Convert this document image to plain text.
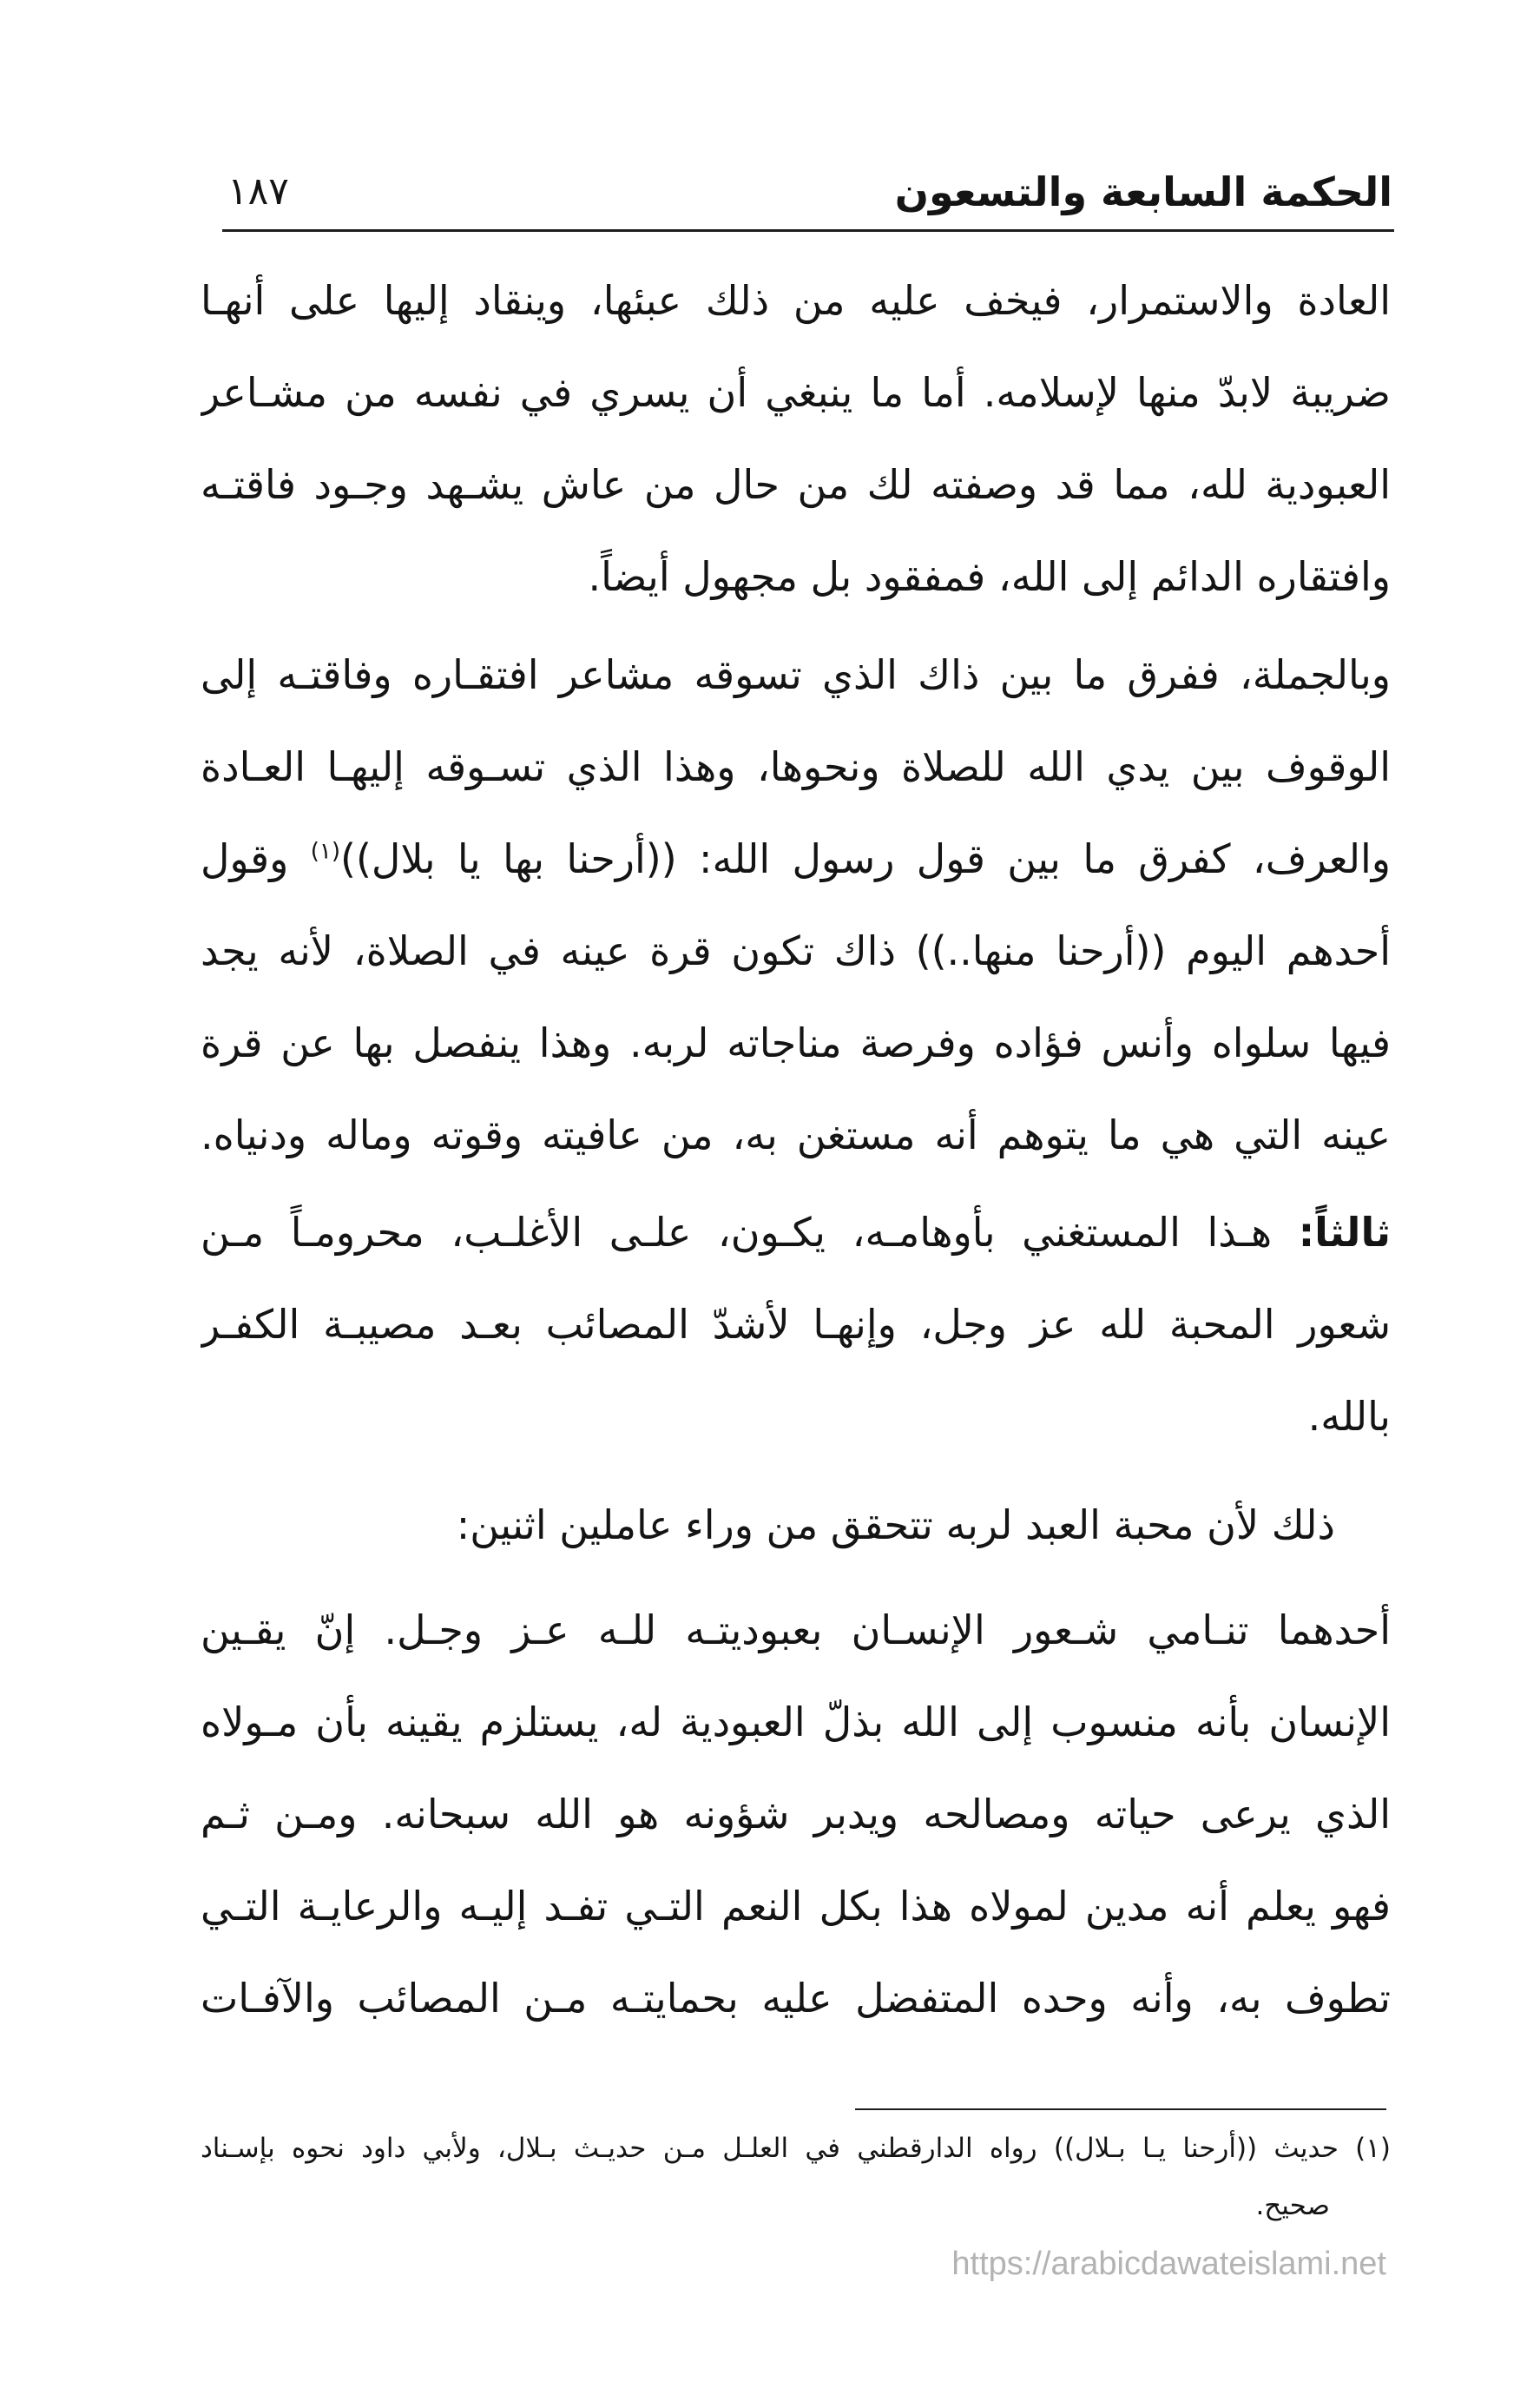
الحكمة السابعة والتسعون
١٨٧
العادة والاستمرار، فيخف عليه من ذلك عبئها، وينقاد إليها على أنهـا
ضريبة لابدّ منها لإسلامه. أما ما ينبغي أن يسري في نفسه من مشـاعر
العبودية لله، مما قد وصفته لك من حال من عاش يشـهد وجـود فاقتـه
وافتقاره الدائم إلى الله، فمفقود بل مجهول أيضاً.
وبالجملة، ففرق ما بين ذاك الذي تسوقه مشاعر افتقـاره وفاقتـه إلى
الوقوف بين يدي الله للصلاة ونحوها، وهذا الذي تسـوقه إليهـا العـادة
والعرف، كفرق ما بين قول رسول الله: ((أرحنا بها يا بلال))$^{(١)}$ وقول
أحدهم اليوم ((أرحنا منها..)) ذاك تكون قرة عينه في الصلاة، لأنه يجد
فيها سلواه وأنس فؤاده وفرصة مناجاته لربه. وهذا ينفصل بها عن قرة
عينه التي هي ما يتوهم أنه مستغن به، من عافيته وقوته وماله ودنياه.
ثالثاً: هـذا المستغني بأوهامـه، يكـون، علـى الأغلـب، محرومـاً مـن
شعور المحبة لله عز وجل، وإنهـا لأشدّ المصائب بعـد مصيبـة الكفـر
بالله.
ذلك لأن محبة العبد لربه تتحقق من وراء عاملين اثنين:
أحدهما تنـامي شـعور الإنسـان بعبوديتـه للـه عـز وجـل. إنّ يقـين
الإنسان بأنه منسوب إلى الله بذلّ العبودية له، يستلزم يقينه بأن مـولاه
الذي يرعى حياته ومصالحه ويدبر شؤونه هو الله سبحانه. ومـن ثـم
فهو يعلم أنه مدين لمولاه هذا بكل النعم التـي تفـد إليـه والرعايـة التـي
تطوف به، وأنه وحده المتفضل عليه بحمايتـه مـن المصائب والآفـات
(١) حديث ((أرحنا يـا بـلال)) رواه الدارقطني في العلـل مـن حديـث بـلال، ولأبي داود نحوه بإسـناد
صحيح.
https://arabicdawateislami.net
